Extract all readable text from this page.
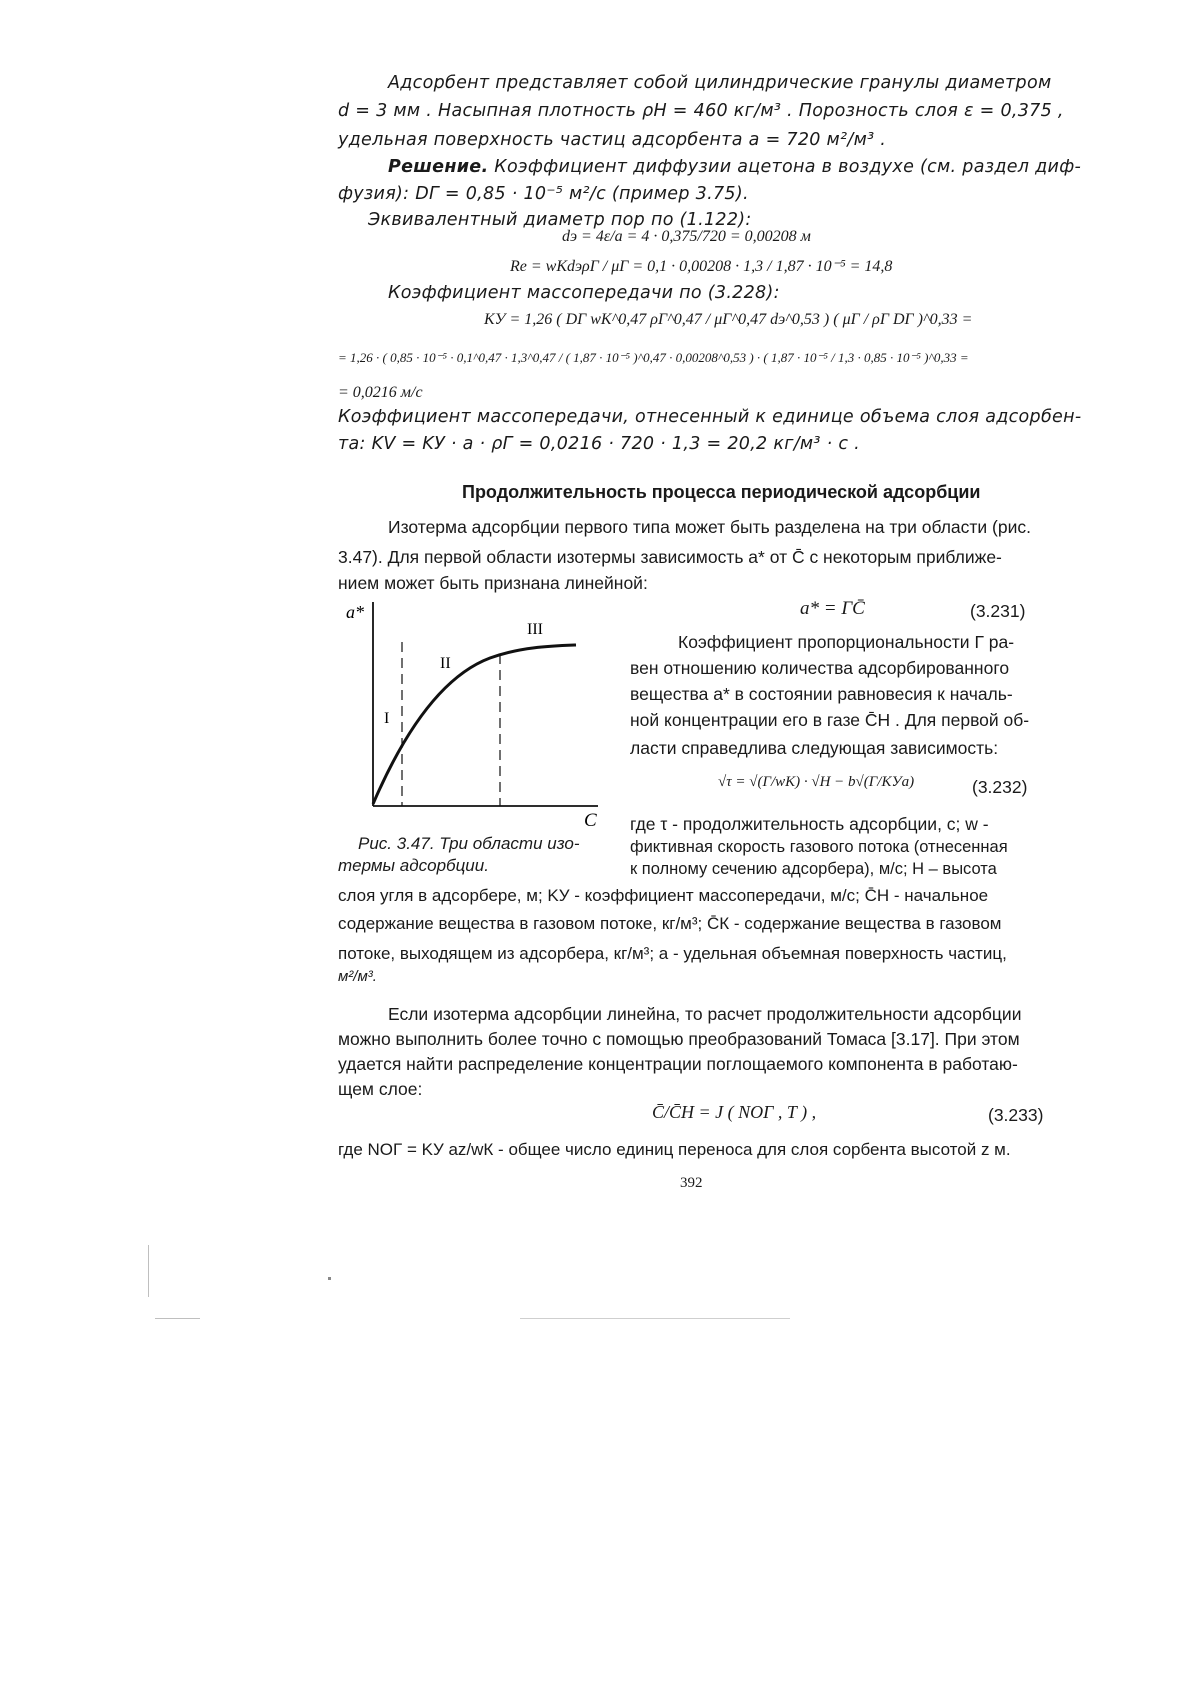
Адсорбент представляет собой цилиндрические гранулы диаметром
d = 3 мм . Насыпная плотность ρН = 460 кг/м³ . Порозность слоя ε = 0,375 ,
удельная поверхность частиц адсорбента a = 720 м²/м³ .
Решение. Коэффициент диффузии ацетона в воздухе (см. раздел диф-
фузия): DГ = 0,85 · 10⁻⁵ м²/с (пример 3.75).
Эквивалентный диаметр пор по (1.122):
dэ = 4ε/a = 4 · 0,375/720 = 0,00208 м
Re = wКdэρГ / μГ = 0,1 · 0,00208 · 1,3 / 1,87 · 10⁻⁵ = 14,8
Коэффициент массопередачи по (3.228):
KУ = 1,26 ( DГ wК^0,47 ρГ^0,47 / μГ^0,47 dэ^0,53 ) ( μГ / ρГ DГ )^0,33 =
= 1,26 · ( 0,85 · 10⁻⁵ · 0,1^0,47 · 1,3^0,47 / ( 1,87 · 10⁻⁵ )^0,47 · 0,00208^0,53 ) · ( 1,87 · 10⁻⁵ / 1,3 · 0,85 · 10⁻⁵ )^0,33 =
= 0,0216 м/с
Коэффициент массопередачи, отнесенный к единице объема слоя адсорбен-
та: KV = KУ · a · ρГ = 0,0216 · 720 · 1,3 = 20,2 кг/м³ · с .
Продолжительность процесса периодической адсорбции
Изотерма адсорбции первого типа может быть разделена на три области (рис.
3.47). Для первой области изотермы зависимость a* от C̄ с некоторым приближе-
нием может быть признана линейной:
a* = ΓC̄	(3.231)
a*
I
II
III
C
Рис. 3.47. Три области изо-
термы адсорбции.
Коэффициент пропорциональности Г ра-
вен отношению количества адсорбированного
вещества a* в состоянии равновесия к началь-
ной концентрации его в газе C̄Н . Для первой об-
ласти справедлива следующая зависимость:
√τ = √(Г/wК) · √H − b√(Г/KУa)	(3.232)
где τ - продолжительность адсорбции, с; w -
фиктивная скорость газового потока (отнесенная
к полному сечению адсорбера), м/с; H – высота
слоя угля в адсорбере, м; KУ - коэффициент массопередачи, м/с; C̄Н - начальное
содержание вещества в газовом потоке, кг/м³; C̄К - содержание вещества в газовом
потоке, выходящем из адсорбера, кг/м³; a - удельная объемная поверхность частиц,
м²/м³.
Если изотерма адсорбции линейна, то расчет продолжительности адсорбции
можно выполнить более точно с помощью преобразований Томаса [3.17]. При этом
удается найти распределение концентрации поглощаемого компонента в работаю-
щем слое:
C̄/C̄Н = J ( NОГ , T ) ,	(3.233)
где NОГ = KУ az/wК - общее число единиц переноса для слоя сорбента высотой z м.
392
